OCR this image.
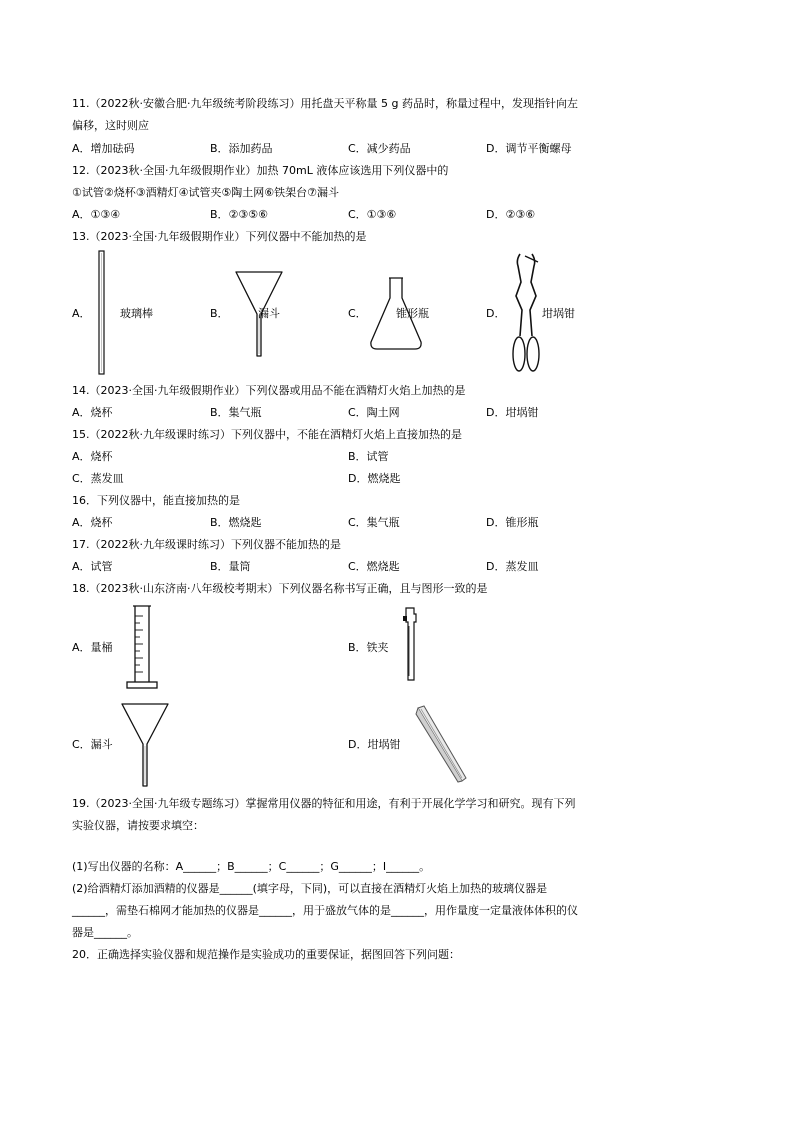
11.（2022秋·安徽合肥·九年级统考阶段练习）用托盘天平称量 5 g 药品时，称量过程中，发现指针向左
偏移，这时则应
A．增加砝码	B．添加药品	C．减少药品	D．调节平衡螺母
12.（2023秋·全国·九年级假期作业）加热 70mL 液体应该选用下列仪器中的
①试管②烧杯③酒精灯④试管夹⑤陶土网⑥铁架台⑦漏斗
A．①③④	B．②③⑤⑥	C．①③⑥	D．②③⑥
13.（2023·全国·九年级假期作业）下列仪器中不能加热的是
A．	玻璃棒	B．	漏斗	C．	锥形瓶	D．	坩埚钳
14.（2023·全国·九年级假期作业）下列仪器或用品不能在酒精灯火焰上加热的是
A．烧杯	B．集气瓶	C．陶土网	D．坩埚钳
15.（2022秋·九年级课时练习）下列仪器中，不能在酒精灯火焰上直接加热的是
A．烧杯	B．试管
C．蒸发皿	D．燃烧匙
16．下列仪器中，能直接加热的是
A．烧杯	B．燃烧匙	C．集气瓶	D．锥形瓶
17.（2022秋·九年级课时练习）下列仪器不能加热的是
A．试管	B．量筒	C．燃烧匙	D．蒸发皿
18.（2023秋·山东济南·八年级校考期末）下列仪器名称书写正确，且与图形一致的是
A．量桶	B．铁夹
C．漏斗	D．坩埚钳
19.（2023·全国·九年级专题练习）掌握常用仪器的特征和用途，有利于开展化学学习和研究。现有下列
实验仪器，请按要求填空：
(1)写出仪器的名称：A______；B______；C______；G______；I______。
(2)给酒精灯添加酒精的仪器是______(填字母，下同)，可以直接在酒精灯火焰上加热的玻璃仪器是
______，需垫石棉网才能加热的仪器是______，用于盛放气体的是______，用作量度一定量液体体积的仪
器是______。
20．正确选择实验仪器和规范操作是实验成功的重要保证，据图回答下列问题：
